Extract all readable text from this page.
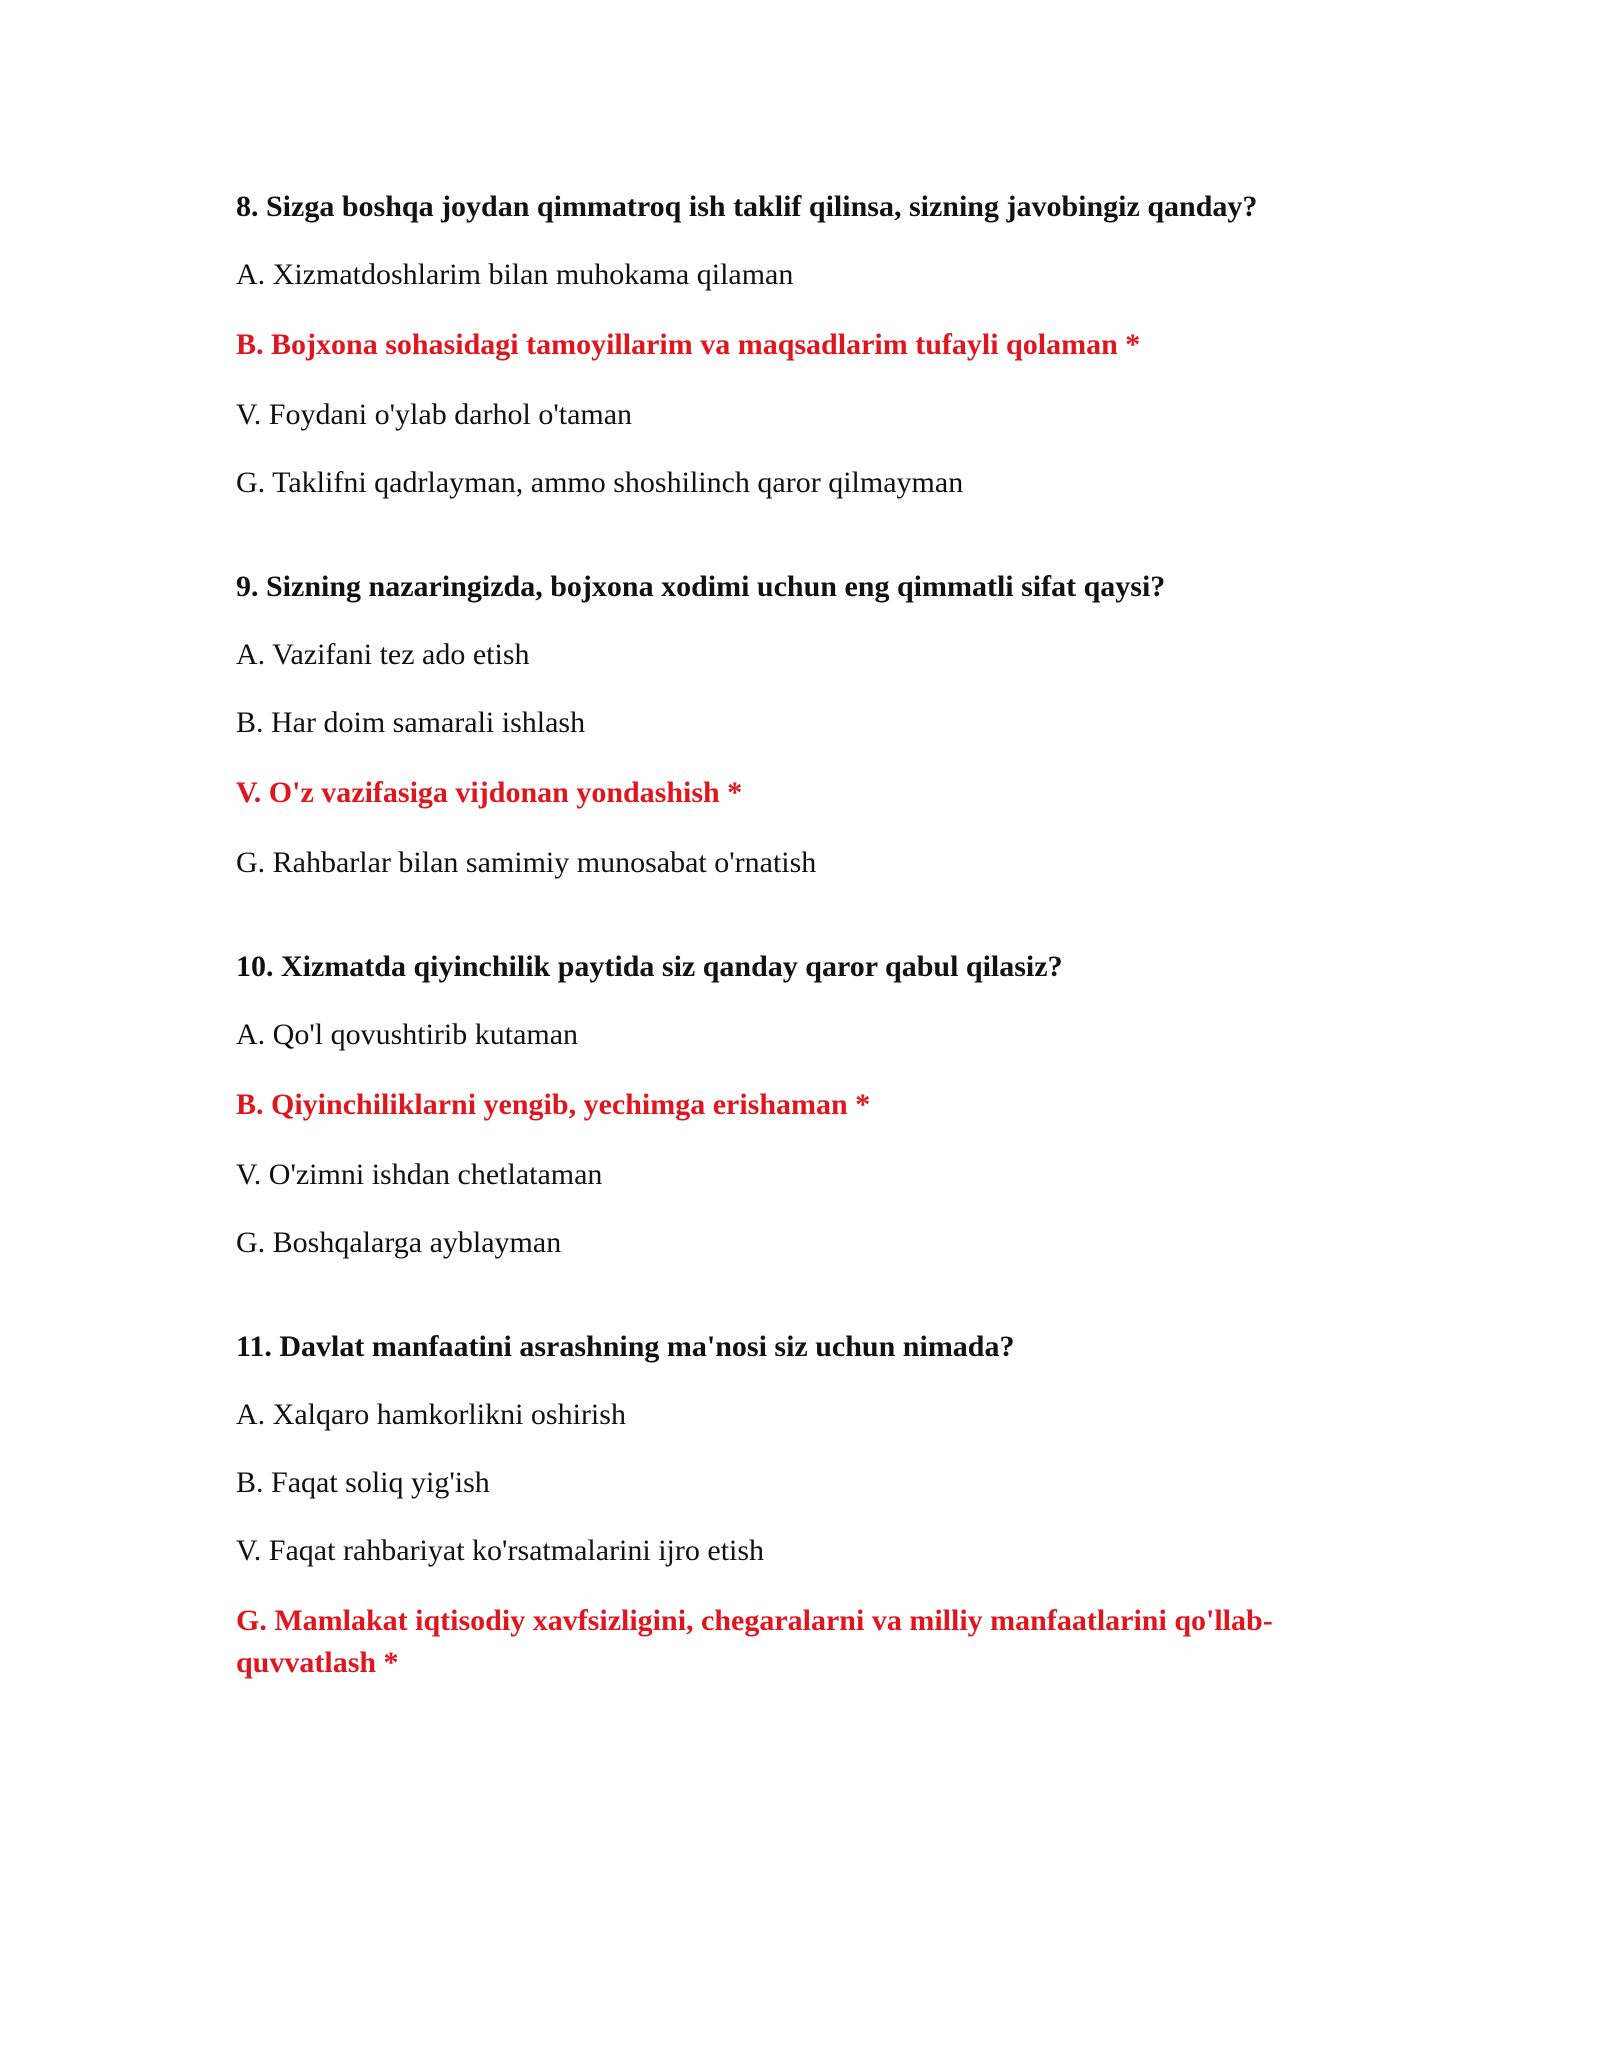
8. Sizga boshqa joydan qimmatroq ish taklif qilinsa, sizning javobingiz qanday?

A. Xizmatdoshlarim bilan muhokama qilaman

B. Bojxona sohasidagi tamoyillarim va maqsadlarim tufayli qolaman *

V. Foydani o'ylab darhol o'taman

G. Taklifni qadrlayman, ammo shoshilinch qaror qilmayman

9. Sizning nazaringizda, bojxona xodimi uchun eng qimmatli sifat qaysi?

A. Vazifani tez ado etish

B. Har doim samarali ishlash

V. O'z vazifasiga vijdonan yondashish *

G. Rahbarlar bilan samimiy munosabat o'rnatish

10. Xizmatda qiyinchilik paytida siz qanday qaror qabul qilasiz?

A. Qo'l qovushtirib kutaman

B. Qiyinchiliklarni yengib, yechimga erishaman *

V. O'zimni ishdan chetlataman

G. Boshqalarga ayblayman

11. Davlat manfaatini asrashning ma'nosi siz uchun nimada?

A. Xalqaro hamkorlikni oshirish

B. Faqat soliq yig'ish

V. Faqat rahbariyat ko'rsatmalarini ijro etish

G. Mamlakat iqtisodiy xavfsizligini, chegaralarni va milliy manfaatlarini qo'llab-quvvatlash *
